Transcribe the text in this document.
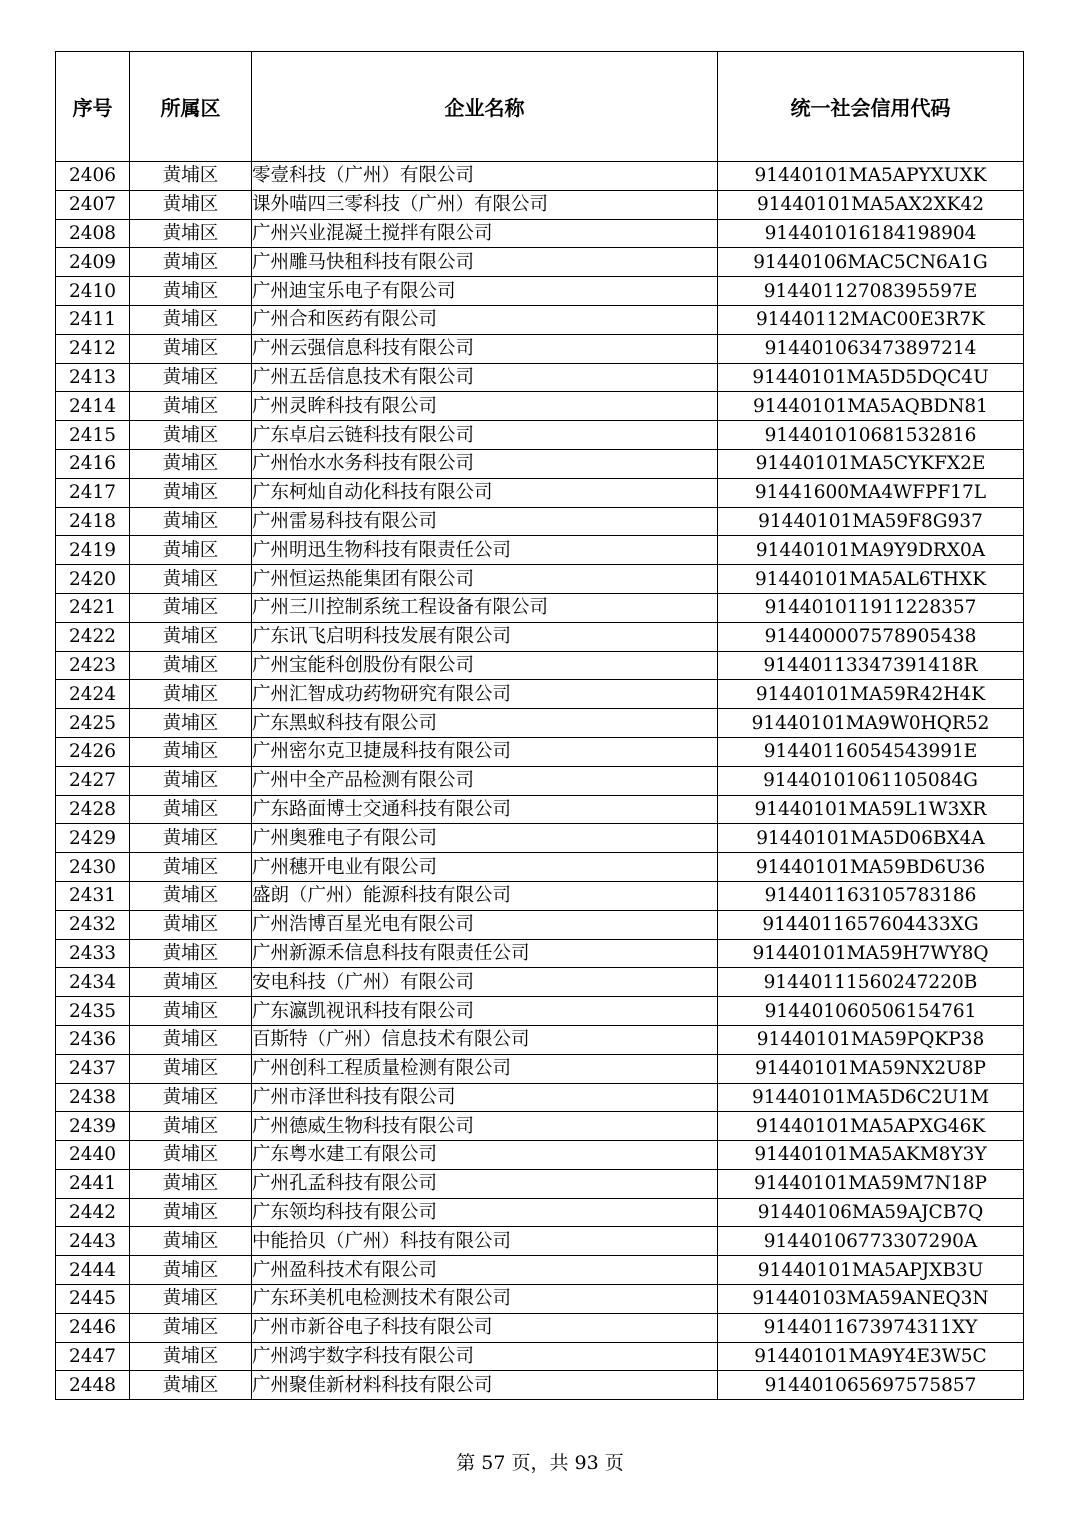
序号	所属区	企业名称	统一社会信用代码
2406	黄埔区	零壹科技（广州）有限公司	91440101MA5APYXUXK
2407	黄埔区	课外喵四三零科技（广州）有限公司	91440101MA5AX2XK42
2408	黄埔区	广州兴业混凝土搅拌有限公司	914401016184198904
2409	黄埔区	广州雕马快租科技有限公司	91440106MAC5CN6A1G
2410	黄埔区	广州迪宝乐电子有限公司	91440112708395597E
2411	黄埔区	广州合和医药有限公司	91440112MAC00E3R7K
2412	黄埔区	广州云强信息科技有限公司	914401063473897214
2413	黄埔区	广州五岳信息技术有限公司	91440101MA5D5DQC4U
2414	黄埔区	广州灵眸科技有限公司	91440101MA5AQBDN81
2415	黄埔区	广东卓启云链科技有限公司	914401010681532816
2416	黄埔区	广州怡水水务科技有限公司	91440101MA5CYKFX2E
2417	黄埔区	广东柯灿自动化科技有限公司	91441600MA4WFPF17L
2418	黄埔区	广州雷易科技有限公司	91440101MA59F8G937
2419	黄埔区	广州明迅生物科技有限责任公司	91440101MA9Y9DRX0A
2420	黄埔区	广州恒运热能集团有限公司	91440101MA5AL6THXK
2421	黄埔区	广州三川控制系统工程设备有限公司	914401011911228357
2422	黄埔区	广东讯飞启明科技发展有限公司	914400007578905438
2423	黄埔区	广州宝能科创股份有限公司	9144011334739141​8R
2424	黄埔区	广州汇智成功药物研究有限公司	91440101MA59R42H4K
2425	黄埔区	广东黑蚁科技有限公司	91440101MA9W0HQR52
2426	黄埔区	广州密尔克卫捷晟科技有限公司	91440116054543991E
2427	黄埔区	广州中全产品检测有限公司	91440101061105084G
2428	黄埔区	广东路面博士交通科技有限公司	91440101MA59L1W3XR
2429	黄埔区	广州奥雅电子有限公司	91440101MA5D06BX4A
2430	黄埔区	广州穗开电业有限公司	91440101MA59BD6U36
2431	黄埔区	盛朗（广州）能源科技有限公司	914401163105783186
2432	黄埔区	广州浩博百星光电有限公司	9144011657604433XG
2433	黄埔区	广州新源禾信息科技有限责任公司	91440101MA59H7WY8Q
2434	黄埔区	安电科技（广州）有限公司	91440111560247220B
2435	黄埔区	广东瀛凯视讯科技有限公司	914401060506154761
2436	黄埔区	百斯特（广州）信息技术有限公司	91440101MA59PQKP38
2437	黄埔区	广州创科工程质量检测有限公司	91440101MA59NX2U8P
2438	黄埔区	广州市泽世科技有限公司	91440101MA5D6C2U1M
2439	黄埔区	广州德威生物科技有限公司	91440101MA5APXG46K
2440	黄埔区	广东粤水建工有限公司	91440101MA5AKM8Y3Y
2441	黄埔区	广州孔孟科技有限公司	91440101MA59M7N18P
2442	黄埔区	广东领均科技有限公司	91440106MA59AJCB7Q
2443	黄埔区	中能拾贝（广州）科技有限公司	91440106773307290A
2444	黄埔区	广州盈科技术有限公司	91440101MA5APJXB3U
2445	黄埔区	广东环美机电检测技术有限公司	91440103MA59ANEQ3N
2446	黄埔区	广州市新谷电子科技有限公司	9144011673974311XY
2447	黄埔区	广州鸿宇数字科技有限公司	91440101MA9Y4E3W5C
2448	黄埔区	广州聚佳新材料科技有限公司	914401065697575857
第 57 页，共 93 页
